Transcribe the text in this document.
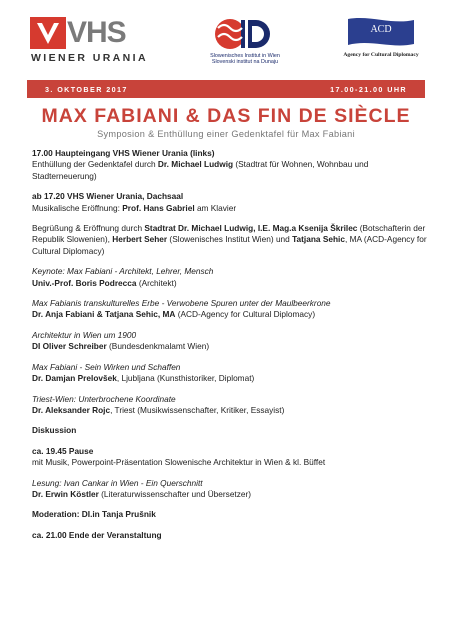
VHS
WIENER URANIA	Slowenisches Institut in Wien
Slovenski institut na Dunaju
ACD
Agency for Cultural Diplomacy
3. OKTOBER 2017	17.00-21.00 UHR
MAX FABIANI & DAS FIN DE SIÈCLE
Symposion & Enthüllung einer Gedenktafel für Max Fabiani
17.00 Haupteingang VHS Wiener Urania (links)
Enthüllung der Gedenktafel durch Dr. Michael Ludwig (Stadtrat für Wohnen, Wohnbau und Stadterneuerung)
ab 17.20 VHS Wiener Urania, Dachsaal
Musikalische Eröffnung: Prof. Hans Gabriel am Klavier
Begrüßung & Eröffnung durch Stadtrat Dr. Michael Ludwig, I.E. Mag.a Ksenija Škrilec (Botschafterin der Republik Slowenien), Herbert Seher (Slowenisches Institut Wien) und Tatjana Sehic, MA (ACD-Agency for Cultural Diplomacy)
Keynote: Max Fabiani - Architekt, Lehrer, Mensch
Univ.-Prof. Boris Podrecca (Architekt)
Max Fabianis transkulturelles Erbe - Verwobene Spuren unter der Maulbeerkrone
Dr. Anja Fabiani & Tatjana Sehic, MA (ACD-Agency for Cultural Diplomacy)
Architektur in Wien um 1900
DI Oliver Schreiber (Bundesdenkmalamt Wien)
Max Fabiani - Sein Wirken und Schaffen
Dr. Damjan Prelovšek, Ljubljana (Kunsthistoriker, Diplomat)
Triest-Wien: Unterbrochene Koordinate
Dr. Aleksander Rojc, Triest (Musikwissenschafter, Kritiker, Essayist)
Diskussion
ca. 19.45 Pause
mit Musik, Powerpoint-Präsentation Slowenische Architektur in Wien & kl. Büffet
Lesung: Ivan Cankar in Wien - Ein Querschnitt
Dr. Erwin Köstler (Literaturwissenschafter und Übersetzer)
Moderation: DI.in Tanja Prušnik
ca. 21.00 Ende der Veranstaltung
